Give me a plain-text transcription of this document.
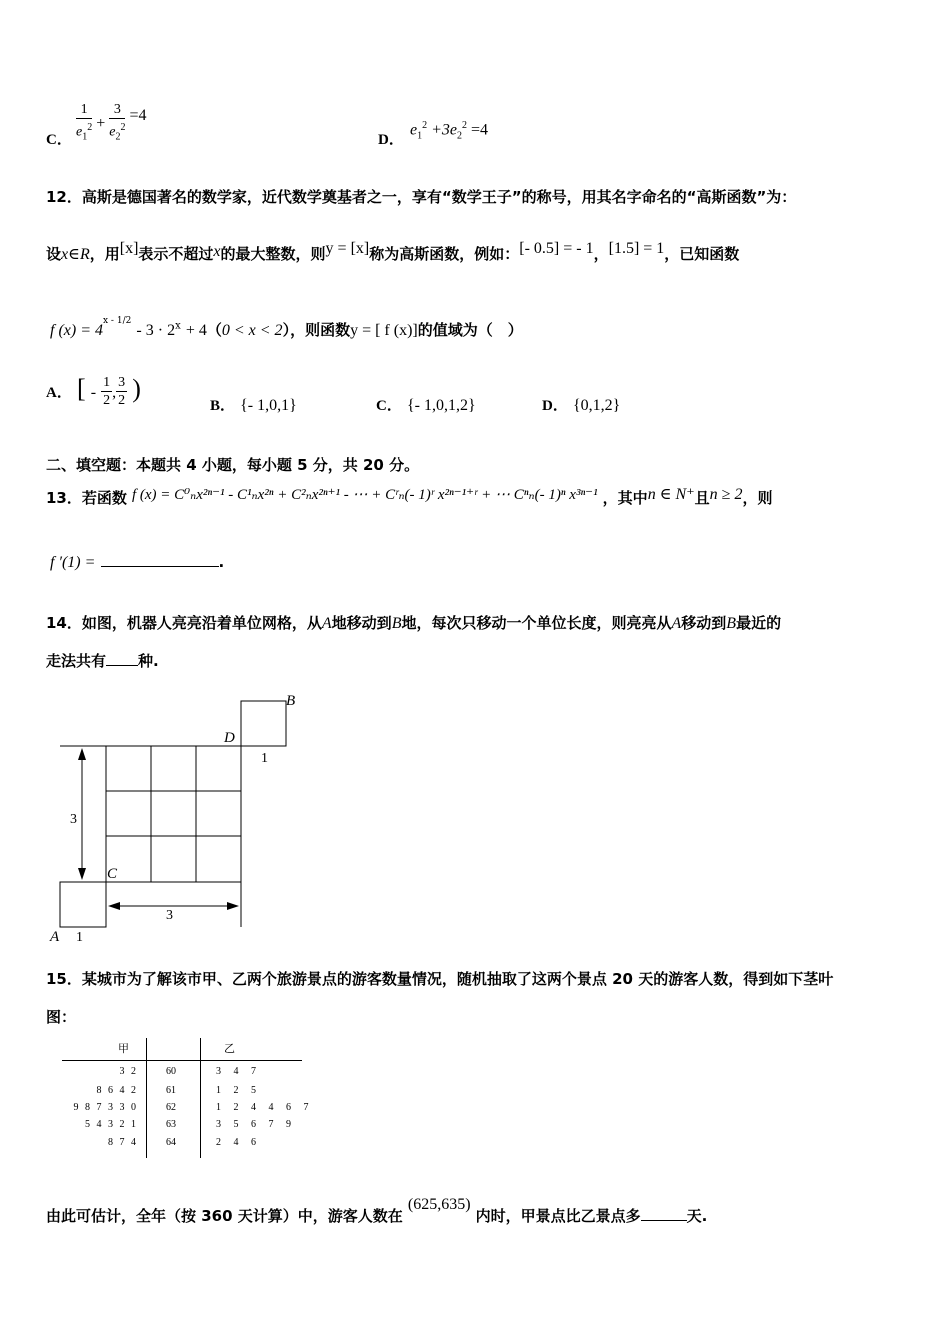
C． $\frac{1}{e_1^2} + \frac{3}{e_2^2} =4$
D．
$e_1^2 +3e_2^2 =4$
12．高斯是德国著名的数学家，近代数学奠基者之一，享有“数学王子”的称号，用其名字命名的“高斯函数”为：
设x∈R，用[x]表示不超过x的最大整数，则y = [x]称为高斯函数，例如：[- 0.5] = - 1，[1.5] = 1，已知函数
f $(x) = 4^{x - 1/2} - 3 \cdot 2^x + 4(0 < x < 2)$，则函数y = [ f (x)]的值域为（　）
A． [ - $\frac{1}{2}$ , $\frac{3}{2}$ )
B． {- 1,0,1}	C． {- 1,0,1,2}	D． {0,1,2}
[- 1/2 , 3/2)
二、填空题：本题共 4 小题，每小题 5 分，共 20 分。
13．若函数 f (x) = C⁰ₙx²ⁿ⁻¹ - C¹ₙx²ⁿ + C²ₙx²ⁿ⁺¹ - ⋯ + Cʳₙ(- 1)ʳ x²ⁿ⁻¹⁺ʳ + ⋯ Cⁿₙ(- 1)ⁿ x³ⁿ⁻¹ ，其中n ∈ N⁺且n ≥ 2，则
f ′(1) =	.
14．如图，机器人亮亮沿着单位网格，从A地移动到B地，每次只移动一个单位长度，则亮亮从A移动到B最近的
走法共有 种.
B
D
1
3
C
3
A 1
15．某城市为了解该市甲、乙两个旅游景点的游客数量情况，随机抽取了这两个景点 20 天的游客人数，得到如下茎叶
图：
甲	乙
3 2	60	3 4 7
8 6 4 2	61	1 2 5
9 8 7 3 3 0	62	1 2 4 4 6 7
5 4 3 2 1	63	3 5 6 7 9
8 7 4	64	2 4 6
由此可估计，全年（按 360 天计算）中，游客人数在 (625,635) 内时，甲景点比乙景点多	天.
